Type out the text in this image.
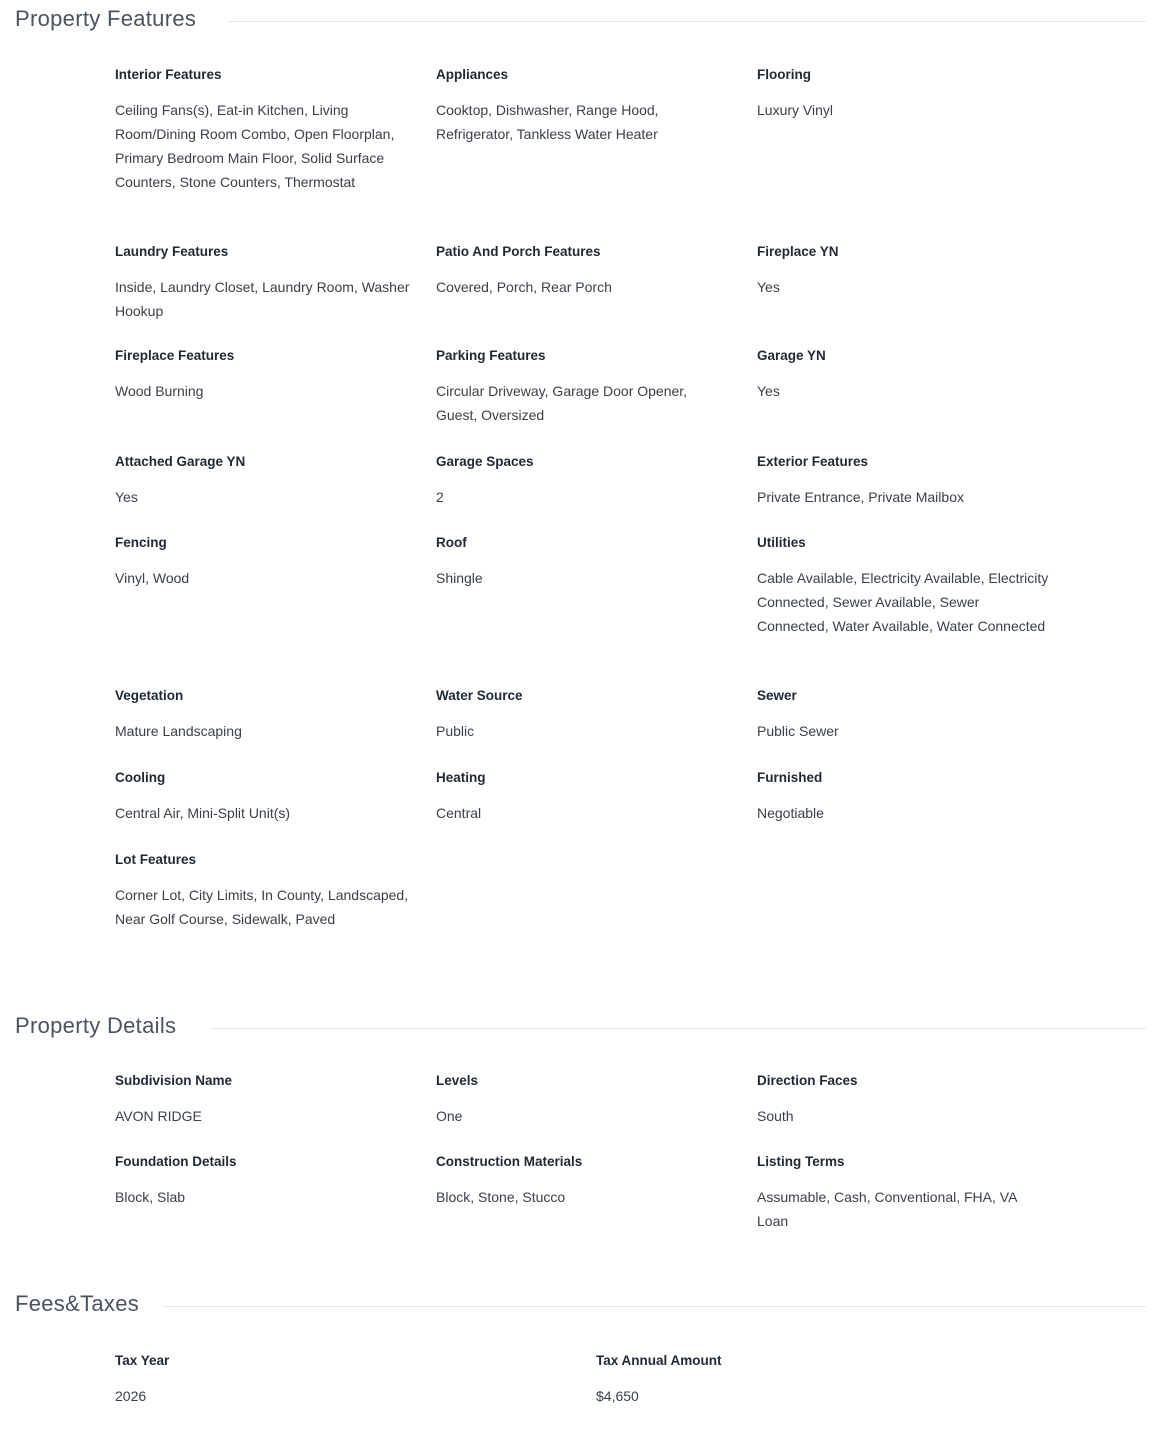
Property Features
Interior Features
Ceiling Fans(s), Eat-in Kitchen, Living Room/Dining Room Combo, Open Floorplan, Primary Bedroom Main Floor, Solid Surface Counters, Stone Counters, Thermostat
Appliances
Cooktop, Dishwasher, Range Hood, Refrigerator, Tankless Water Heater
Flooring
Luxury Vinyl
Laundry Features
Inside, Laundry Closet, Laundry Room, Washer Hookup
Patio And Porch Features
Covered, Porch, Rear Porch
Fireplace YN
Yes
Fireplace Features
Wood Burning
Parking Features
Circular Driveway, Garage Door Opener, Guest, Oversized
Garage YN
Yes
Attached Garage YN
Yes
Garage Spaces
2
Exterior Features
Private Entrance, Private Mailbox
Fencing
Vinyl, Wood
Roof
Shingle
Utilities
Cable Available, Electricity Available, Electricity Connected, Sewer Available, Sewer Connected, Water Available, Water Connected
Vegetation
Mature Landscaping
Water Source
Public
Sewer
Public Sewer
Cooling
Central Air, Mini-Split Unit(s)
Heating
Central
Furnished
Negotiable
Lot Features
Corner Lot, City Limits, In County, Landscaped, Near Golf Course, Sidewalk, Paved
Property Details
Subdivision Name
AVON RIDGE
Levels
One
Direction Faces
South
Foundation Details
Block, Slab
Construction Materials
Block, Stone, Stucco
Listing Terms
Assumable, Cash, Conventional, FHA, VA Loan
Fees&Taxes
Tax Year
2026
Tax Annual Amount
$4,650
